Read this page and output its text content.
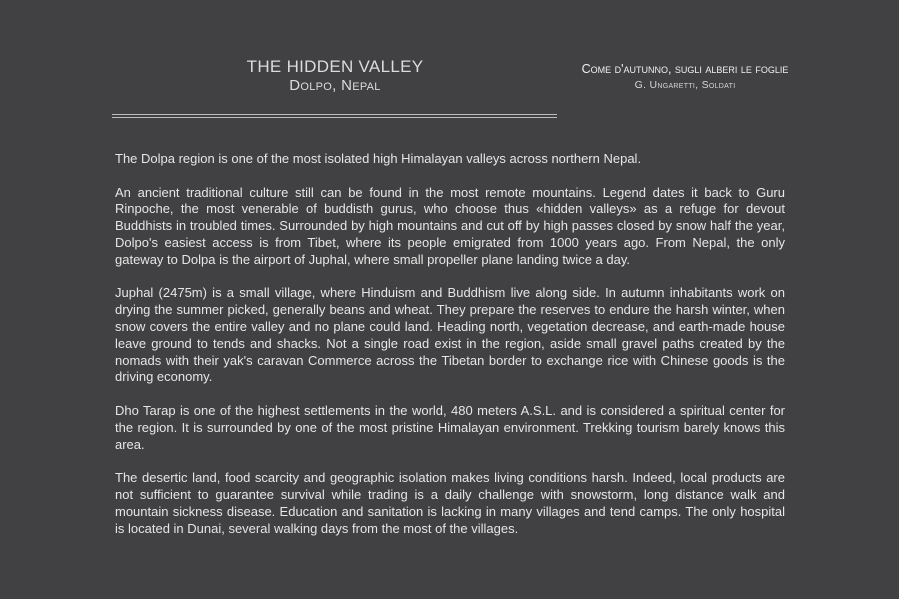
THE HIDDEN VALLEY
Dolpo, Nepal
Come d'autunno, sugli alberi le foglie
G. Ungaretti, Soldati

The Dolpa region is one of the most isolated high Himalayan valleys across northern Nepal.

An ancient traditional culture still can be found in the most remote mountains. Legend dates it back to Guru Rinpoche, the most venerable of buddisth gurus, who choose thus «hidden valleys» as a refuge for devout Buddhists in troubled times. Surrounded by high mountains and cut off by high passes closed by snow half the year, Dolpo's easiest access is from Tibet, where its people emigrated from 1000 years ago. From Nepal, the only gateway to Dolpa is the airport of Juphal, where small propeller plane landing twice a day.

Juphal (2475m) is a small village, where Hinduism and Buddhism live along side. In autumn inhabitants work on drying the summer picked, generally beans and wheat. They prepare the reserves to endure the harsh winter, when snow covers the entire valley and no plane could land. Heading north, vegetation decrease, and earth-made house leave ground to tends and shacks. Not a single road exist in the region, aside small gravel paths created by the nomads with their yak's caravan Commerce across the Tibetan border to exchange rice with Chinese goods is the driving economy.

Dho Tarap is one of the highest settlements in the world, 480 meters A.S.L. and is considered a spiritual center for the region. It is surrounded by one of the most pristine Himalayan environment. Trekking tourism barely knows this area.

The desertic land, food scarcity and geographic isolation makes living conditions harsh. Indeed, local products are not sufficient to guarantee survival while trading is a daily challenge with snowstorm, long distance walk and mountain sickness disease. Education and sanitation is lacking in many villages and tend camps. The only hospital is located in Dunai, several walking days from the most of the villages.
